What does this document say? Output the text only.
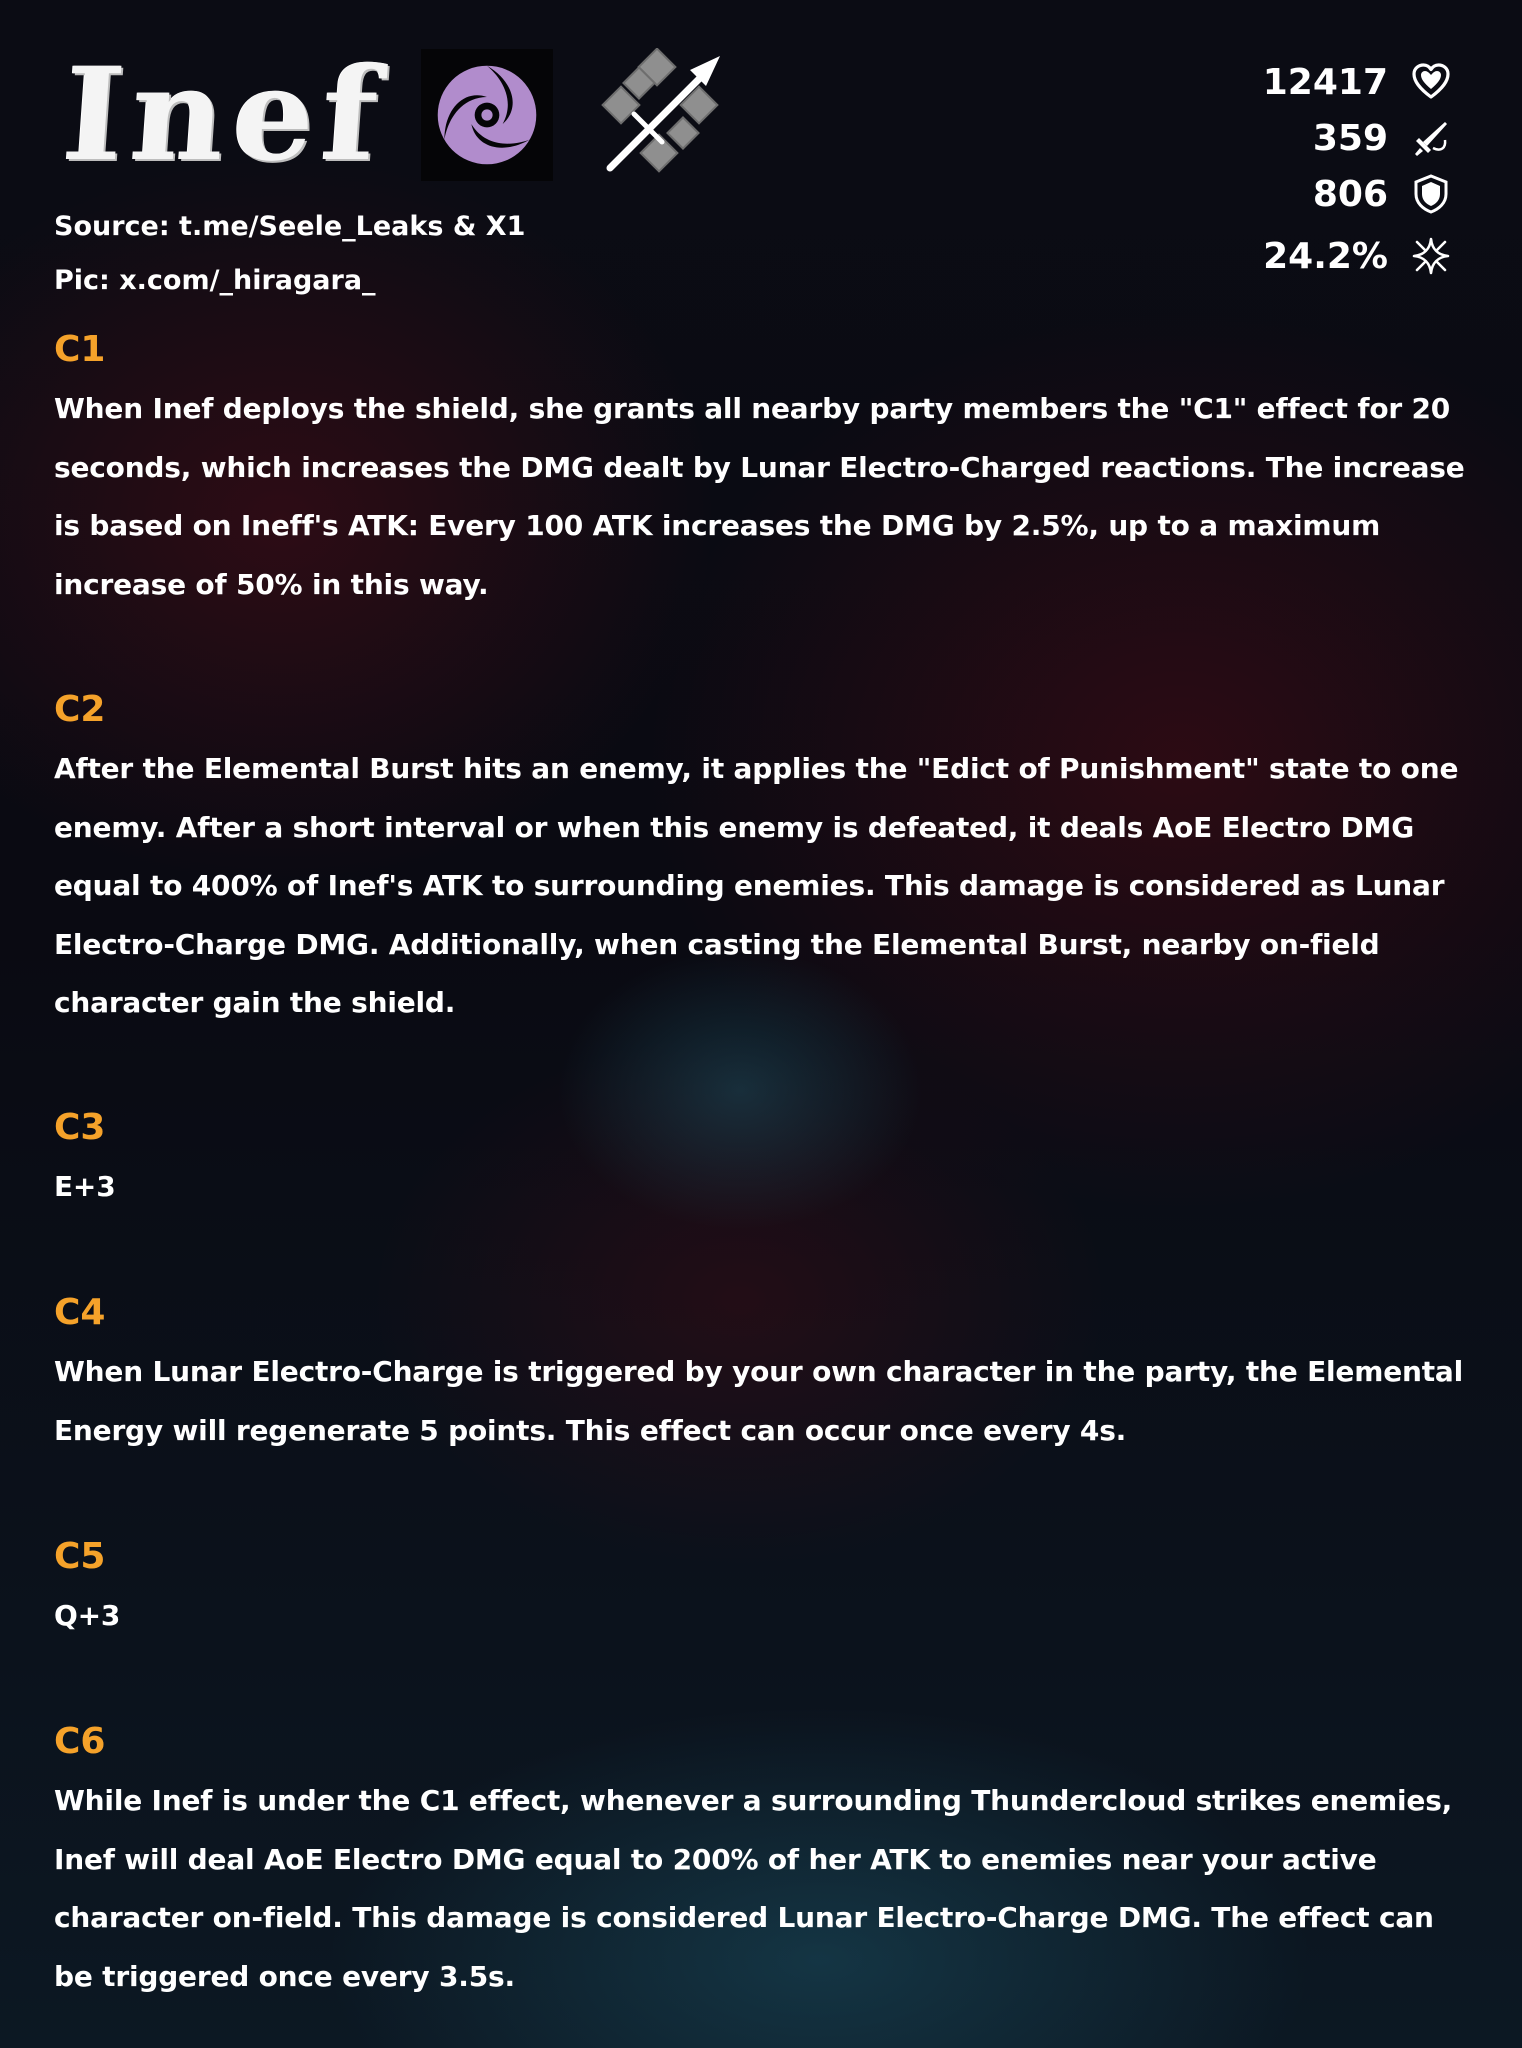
Inef
Source: t.me/Seele_Leaks & X1
Pic: x.com/_hiragara_
12417
359
806
24.2%
C1
When Inef deploys the shield, she grants all nearby party members the "C1" effect for 20 seconds, which increases the DMG dealt by Lunar Electro-Charged reactions. The increase is based on Ineff's ATK: Every 100 ATK increases the DMG by 2.5%, up to a maximum increase of 50% in this way.
C2
After the Elemental Burst hits an enemy, it applies the "Edict of Punishment" state to one enemy. After a short interval or when this enemy is defeated, it deals AoE Electro DMG equal to 400% of Inef's ATK to surrounding enemies. This damage is considered as Lunar Electro-Charge DMG. Additionally, when casting the Elemental Burst, nearby on-field character gain the shield.
C3
E+3
C4
When Lunar Electro-Charge is triggered by your own character in the party, the Elemental Energy will regenerate 5 points. This effect can occur once every 4s.
C5
Q+3
C6
While Inef is under the C1 effect, whenever a surrounding Thundercloud strikes enemies, Inef will deal AoE Electro DMG equal to 200% of her ATK to enemies near your active character on-field. This damage is considered Lunar Electro-Charge DMG. The effect can be triggered once every 3.5s.
